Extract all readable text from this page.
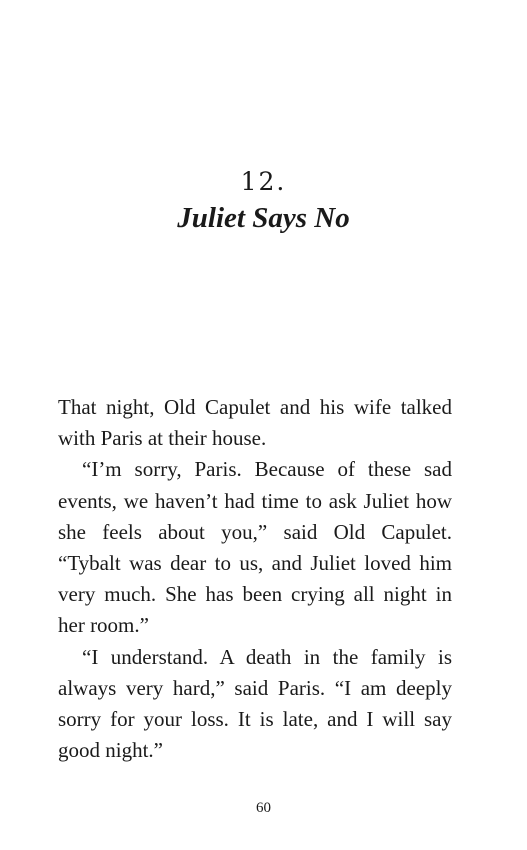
12.
Juliet Says No

That night, Old Capulet and his wife talked with Paris at their house.

“I’m sorry, Paris. Because of these sad events, we haven’t had time to ask Juliet how she feels about you,” said Old Capulet. “Tybalt was dear to us, and Juliet loved him very much. She has been crying all night in her room.”

“I understand. A death in the family is always very hard,” said Paris. “I am deeply sorry for your loss. It is late, and I will say good night.”

60
